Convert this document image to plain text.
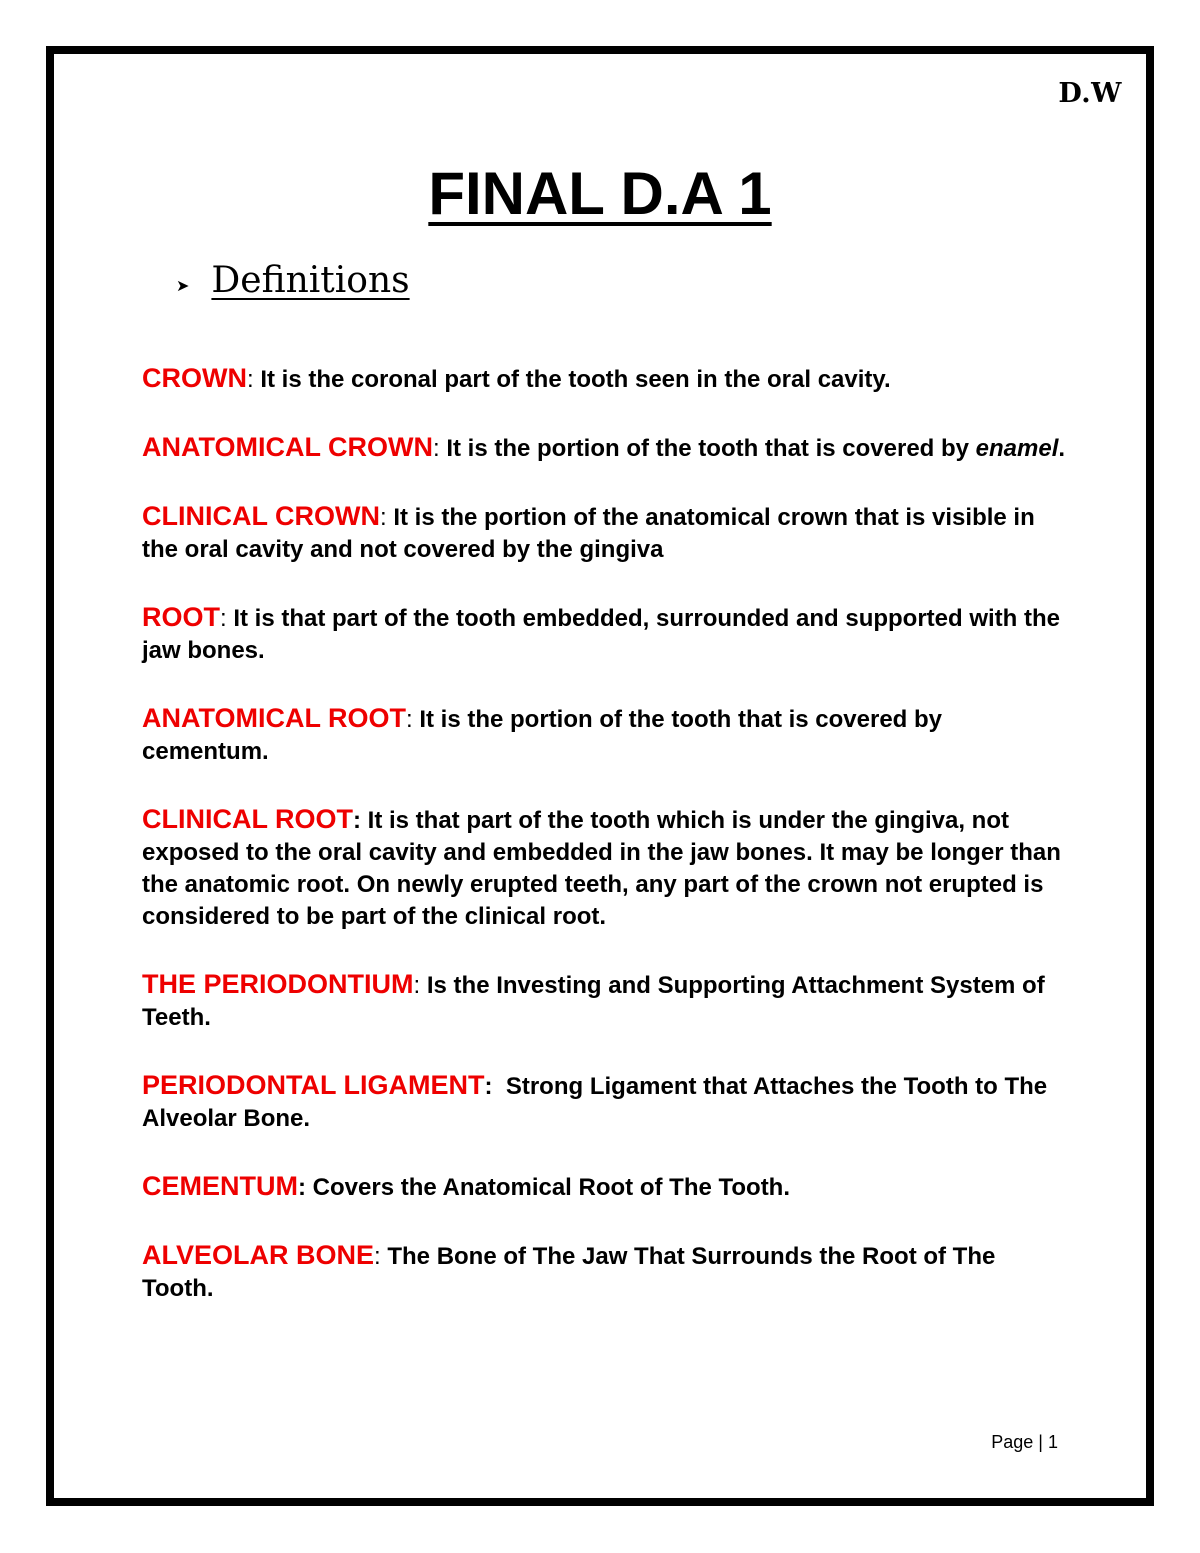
D.W
FINAL D.A 1
➤ Definitions

CROWN: It is the coronal part of the tooth seen in the oral cavity.

ANATOMICAL CROWN: It is the portion of the tooth that is covered by enamel.

CLINICAL CROWN: It is the portion of the anatomical crown that is visible in the oral cavity and not covered by the gingiva

ROOT: It is that part of the tooth embedded, surrounded and supported with the jaw bones.

ANATOMICAL ROOT: It is the portion of the tooth that is covered by cementum.

CLINICAL ROOT: It is that part of the tooth which is under the gingiva, not exposed to the oral cavity and embedded in the jaw bones. It may be longer than the anatomic root. On newly erupted teeth, any part of the crown not erupted is considered to be part of the clinical root.

THE PERIODONTIUM: Is the Investing and Supporting Attachment System of Teeth.

PERIODONTAL LIGAMENT:  Strong Ligament that Attaches the Tooth to The Alveolar Bone.

CEMENTUM: Covers the Anatomical Root of The Tooth.

ALVEOLAR BONE: The Bone of The Jaw That Surrounds the Root of The Tooth.

Page | 1
